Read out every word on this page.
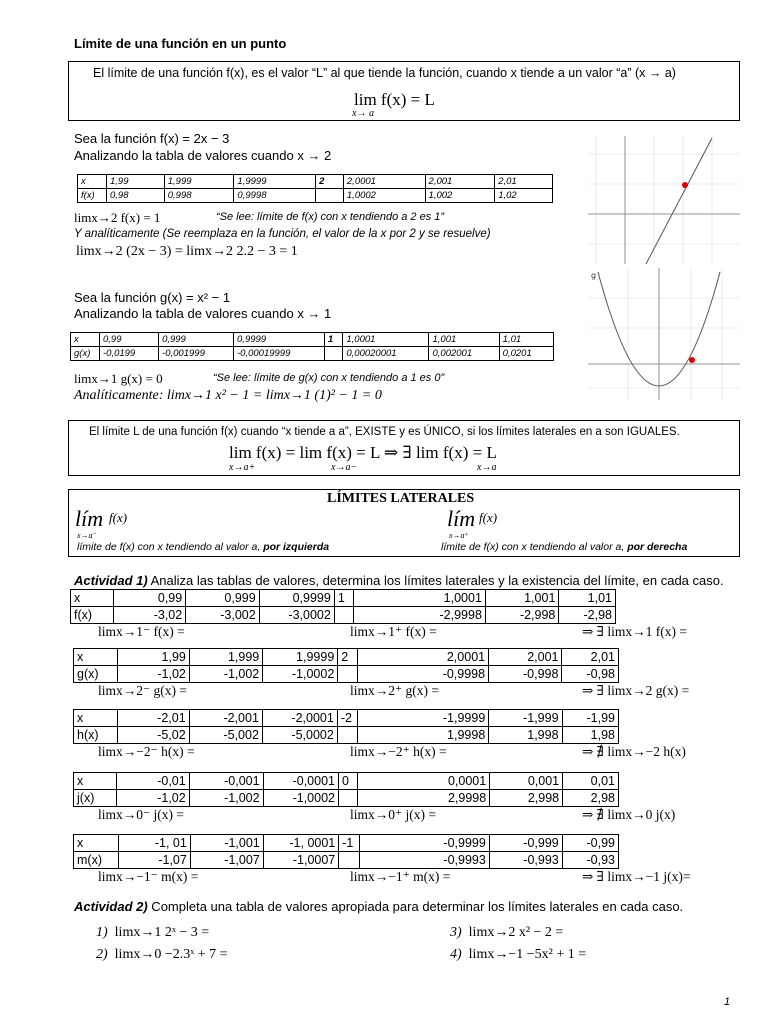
Límite de una función en un punto
El límite de una función f(x), es el valor “L” al que tiende la función, cuando x tiende a un valor “a” (x → a)
lim f(x) = L
x→ a
Sea la función f(x) = 2x − 3
Analizando la tabla de valores cuando x → 2
x	1,99	1,999	1,9999	2	2,0001	2,001	2,01
f(x)	0,98	0,998	0,9998		1,0002	1,002	1,02
limx→2 f(x) = 1	“Se lee: límite de f(x) con x tendiendo a 2 es 1”
Y analíticamente (Se reemplaza en la función, el valor de la x por 2 y se resuelve)
limx→2 (2x − 3) = limx→2 2.2 − 3 = 1
Sea la función g(x) = x² − 1
Analizando la tabla de valores cuando x → 1
x	0,99	0,999	0,9999	1	1,0001	1,001	1,01
g(x)	-0,0199	-0,001999	-0,00019999		0,00020001	0,002001	0,0201
limx→1 g(x) = 0	“Se lee: límite de g(x) con x tendiendo a 1 es 0”
Analíticamente: limx→1 x² − 1 = limx→1 (1)² − 1 = 0
g
El límite L de una función f(x) cuando “x tiende a a”, EXISTE y es ÚNICO, si los límites laterales en a son IGUALES.
lim f(x) = lim f(x) = L ⇒ ∃ lim f(x) = L
x→a+	x→a−	x→a
LÍMITES LATERALES
lím f(x)
x→a⁻
límite de f(x) con x tendiendo al valor a, por izquierda
lím f(x)
x→a⁺
límite de f(x) con x tendiendo al valor a, por derecha
Actividad 1) Analiza las tablas de valores, determina los límites laterales y la existencia del límite, en cada caso.
x	0,99	0,999	0,9999	1	1,0001	1,001	1,01
f(x)	-3,02	-3,002	-3,0002		-2,9998	-2,998	-2,98
limx→1⁻ f(x) =	limx→1⁺ f(x) =	⇒ ∃ limx→1 f(x) =
x	1,99	1,999	1,9999	2	2,0001	2,001	2,01
g(x)	-1,02	-1,002	-1,0002		-0,9998	-0,998	-0,98
limx→2⁻ g(x) =	limx→2⁺ g(x) =	⇒ ∃ limx→2 g(x) =
x	-2,01	-2,001	-2,0001	-2	-1,9999	-1,999	-1,99
h(x)	-5,02	-5,002	-5,0002		1,9998	1,998	1,98
limx→−2⁻ h(x) =	limx→−2⁺ h(x) =	⇒ ∄ limx→−2 h(x)
x	-0,01	-0,001	-0,0001	0	0,0001	0,001	0,01
j(x)	-1,02	-1,002	-1,0002		2,9998	2,998	2,98
limx→0⁻ j(x) =	limx→0⁺ j(x) =	⇒ ∄ limx→0 j(x)
x	-1, 01	-1,001	-1, 0001	-1	-0,9999	-0,999	-0,99
m(x)	-1,07	-1,007	-1,0007		-0,9993	-0,993	-0,93
limx→−1⁻ m(x) =	limx→−1⁺ m(x) =	⇒ ∃ limx→−1 j(x)=
Actividad 2) Completa una tabla de valores apropiada para determinar los límites laterales en cada caso.
1) limx→1 2ˣ − 3 =
2) limx→0 −2.3ˣ + 7 =
3) limx→2 x² − 2 =
4) limx→−1 −5x² + 1 =
1
